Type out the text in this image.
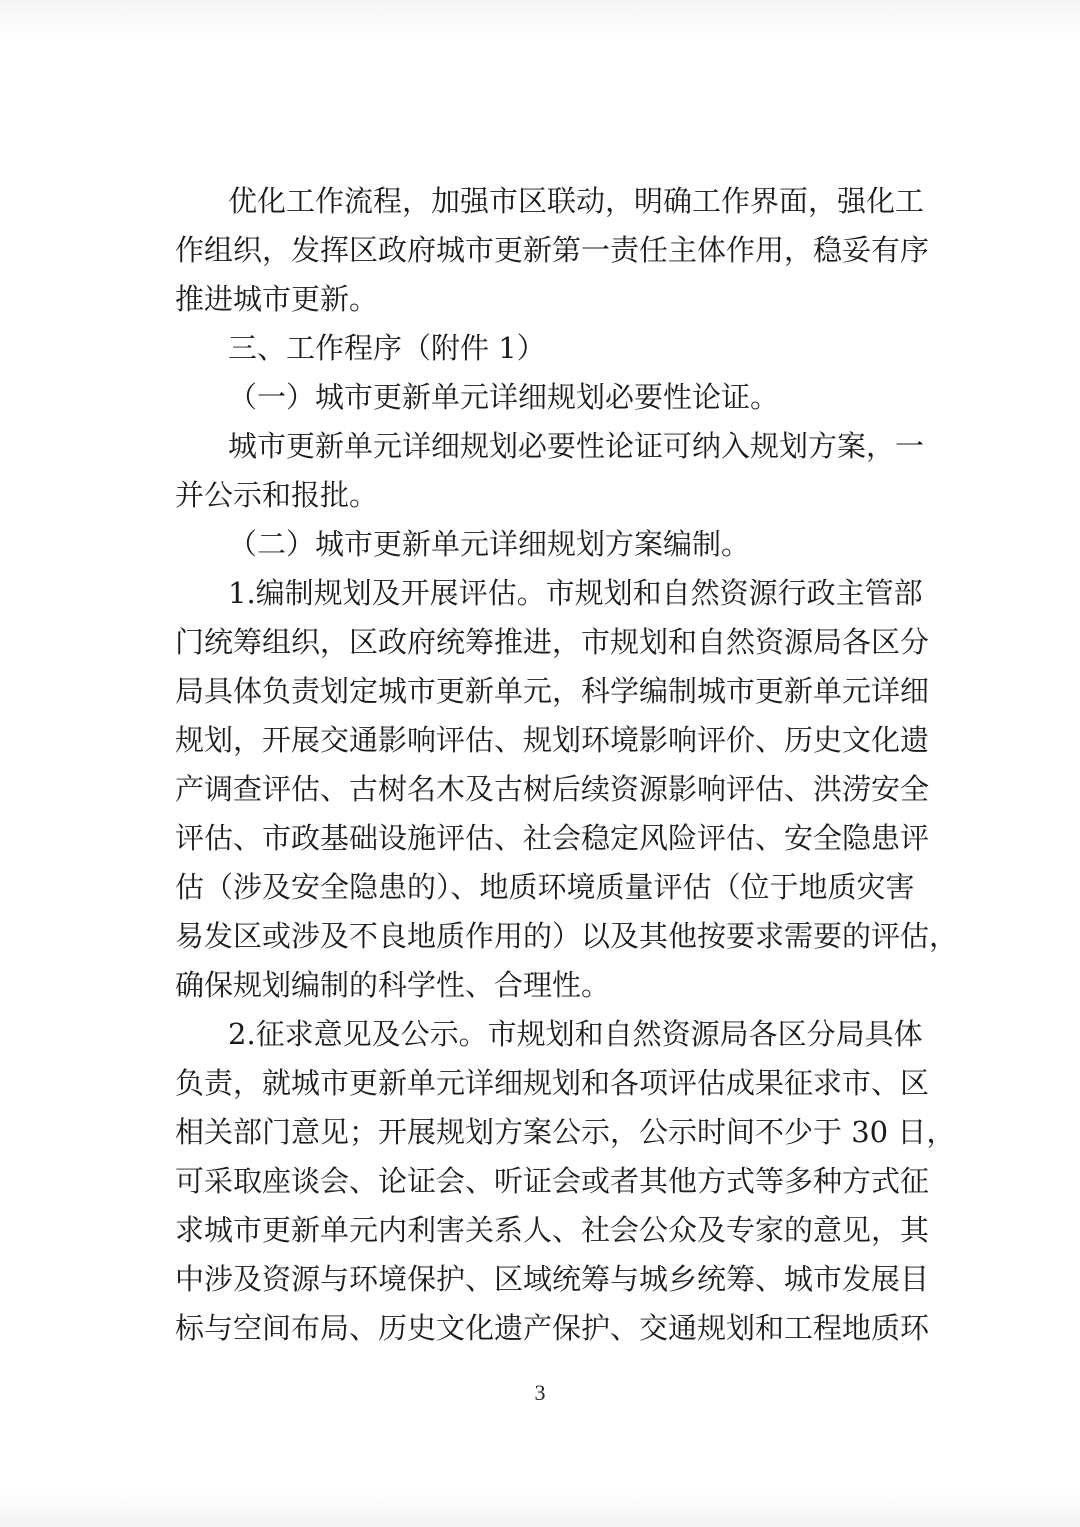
优化工作流程，加强市区联动，明确工作界面，强化工
作组织，发挥区政府城市更新第一责任主体作用，稳妥有序
推进城市更新。
三、工作程序（附件 1）
（一）城市更新单元详细规划必要性论证。
城市更新单元详细规划必要性论证可纳入规划方案，一
并公示和报批。
（二）城市更新单元详细规划方案编制。
1.编制规划及开展评估。市规划和自然资源行政主管部
门统筹组织，区政府统筹推进，市规划和自然资源局各区分
局具体负责划定城市更新单元，科学编制城市更新单元详细
规划，开展交通影响评估、规划环境影响评价、历史文化遗
产调查评估、古树名木及古树后续资源影响评估、洪涝安全
评估、市政基础设施评估、社会稳定风险评估、安全隐患评
估（涉及安全隐患的）、地质环境质量评估（位于地质灾害
易发区或涉及不良地质作用的）以及其他按要求需要的评估，
确保规划编制的科学性、合理性。
2.征求意见及公示。市规划和自然资源局各区分局具体
负责，就城市更新单元详细规划和各项评估成果征求市、区
相关部门意见；开展规划方案公示，公示时间不少于 30 日，
可采取座谈会、论证会、听证会或者其他方式等多种方式征
求城市更新单元内利害关系人、社会公众及专家的意见，其
中涉及资源与环境保护、区域统筹与城乡统筹、城市发展目
标与空间布局、历史文化遗产保护、交通规划和工程地质环
3
